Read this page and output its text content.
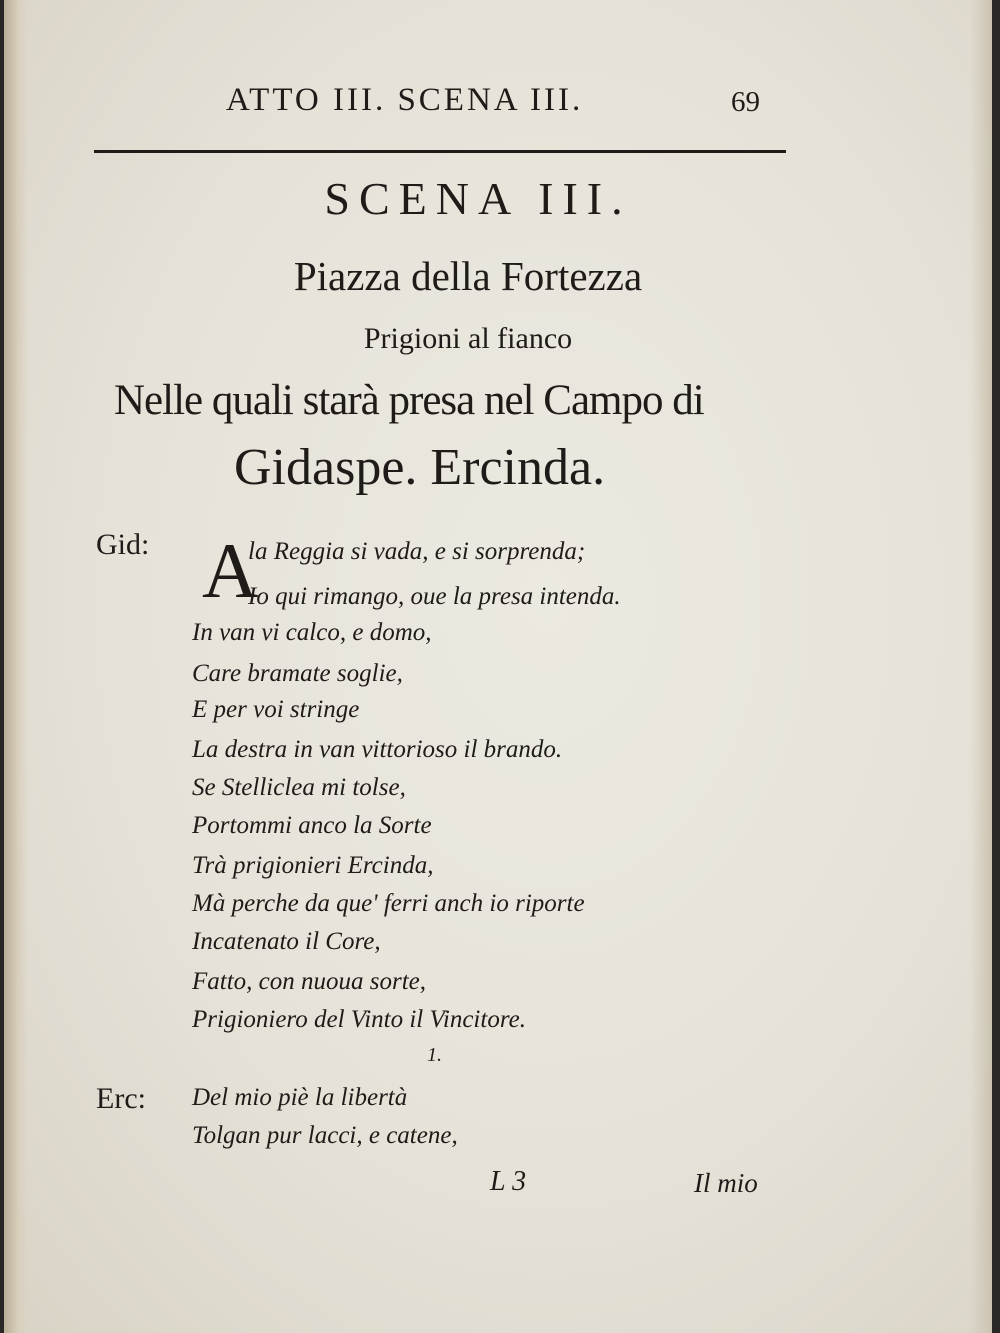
ATTO III. SCENA III.	69
SCENA III.
Piazza della Fortezza
Prigioni al fianco
Nelle quali starà presa nel Campo di
Gidaspe. Ercinda.
Gid: A
la Reggia si vada, e si sorprenda;
Io qui rimango, oue la presa intenda.
In van vi calco, e domo,
Care bramate soglie,
E per voi stringe
La destra in van vittorioso il brando.
Se Stelliclea mi tolse,
Portommi anco la Sorte
Trà prigionieri Ercinda,
Mà perche da que' ferri anch io riporte
Incatenato il Core,
Fatto, con nuoua sorte,
Prigioniero del Vinto il Vincitore.
1.
Erc: Del mio piè la libertà
Tolgan pur lacci, e catene,
L 3	Il mio
